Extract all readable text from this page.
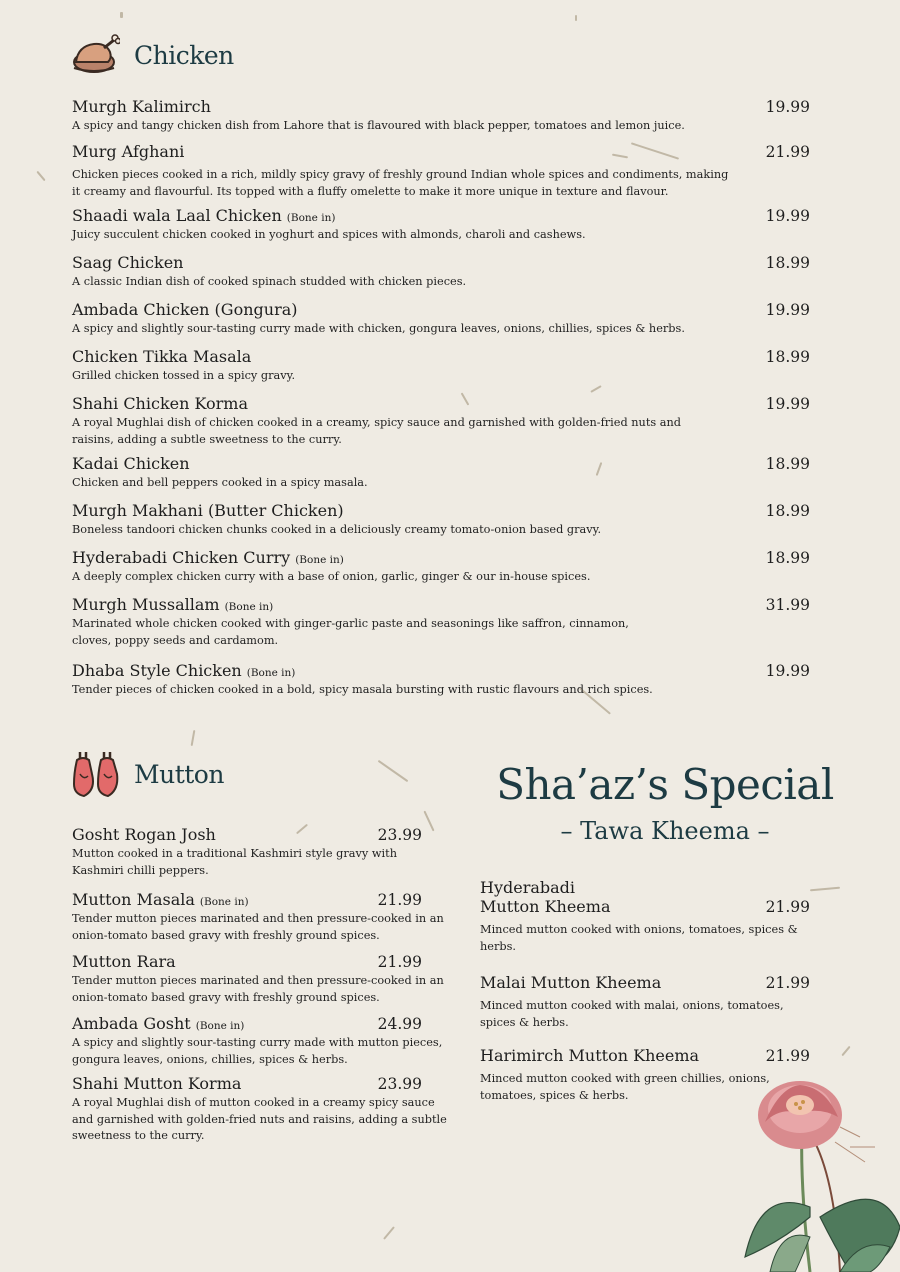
Chicken
Murgh Kalimirch	19.99
A spicy and tangy chicken dish from Lahore that is flavoured with black pepper, tomatoes and lemon juice.
Murg Afghani	21.99
Chicken pieces cooked in a rich, mildly spicy gravy of freshly ground Indian whole spices and condiments, making it creamy and flavourful. Its topped with a fluffy omelette to make it more unique in texture and flavour.
Shaadi wala Laal Chicken (Bone in)	19.99
Juicy succulent chicken cooked in yoghurt and spices with almonds, charoli and cashews.
Saag Chicken	18.99
A classic Indian dish of cooked spinach studded with chicken pieces.
Ambada Chicken (Gongura)	19.99
A spicy and slightly sour-tasting curry made with chicken, gongura leaves, onions, chillies, spices & herbs.
Chicken Tikka Masala	18.99
Grilled chicken tossed in a spicy gravy.
Shahi Chicken Korma	19.99
A royal Mughlai dish of chicken cooked in a creamy, spicy sauce and garnished with golden-fried nuts and raisins, adding a subtle sweetness to the curry.
Kadai Chicken	18.99
Chicken and bell peppers cooked in a spicy masala.
Murgh Makhani (Butter Chicken)	18.99
Boneless tandoori chicken chunks cooked in a deliciously creamy tomato-onion based gravy.
Hyderabadi Chicken Curry (Bone in)	18.99
A deeply complex chicken curry with a base of onion, garlic, ginger & our in-house spices.
Murgh Mussallam (Bone in)	31.99
Marinated whole chicken cooked with ginger-garlic paste and seasonings like saffron, cinnamon, cloves, poppy seeds and cardamom.
Dhaba Style Chicken (Bone in)	19.99
Tender pieces of chicken cooked in a bold, spicy masala bursting with rustic flavours and rich spices.
Mutton
Gosht Rogan Josh	23.99
Mutton cooked in a traditional Kashmiri style gravy with Kashmiri chilli peppers.
Mutton Masala (Bone in)	21.99
Tender mutton pieces marinated and then pressure-cooked in an onion-tomato based gravy with freshly ground spices.
Mutton Rara	21.99
Tender mutton pieces marinated and then pressure-cooked in an onion-tomato based gravy with freshly ground spices.
Ambada Gosht (Bone in)	24.99
A spicy and slightly sour-tasting curry made with mutton pieces, gongura leaves, onions, chillies, spices & herbs.
Shahi Mutton Korma	23.99
A royal Mughlai dish of mutton cooked in a creamy spicy sauce and garnished with golden-fried nuts and raisins, adding a subtle sweetness to the curry.
Sha’az’s Special
– Tawa Kheema –
Hyderabadi
Mutton Kheema	21.99
Minced mutton cooked with onions, tomatoes, spices & herbs.
Malai Mutton Kheema	21.99
Minced mutton cooked with malai, onions, tomatoes, spices & herbs.
Harimirch Mutton Kheema	21.99
Minced mutton cooked with green chillies, onions, tomatoes, spices & herbs.
